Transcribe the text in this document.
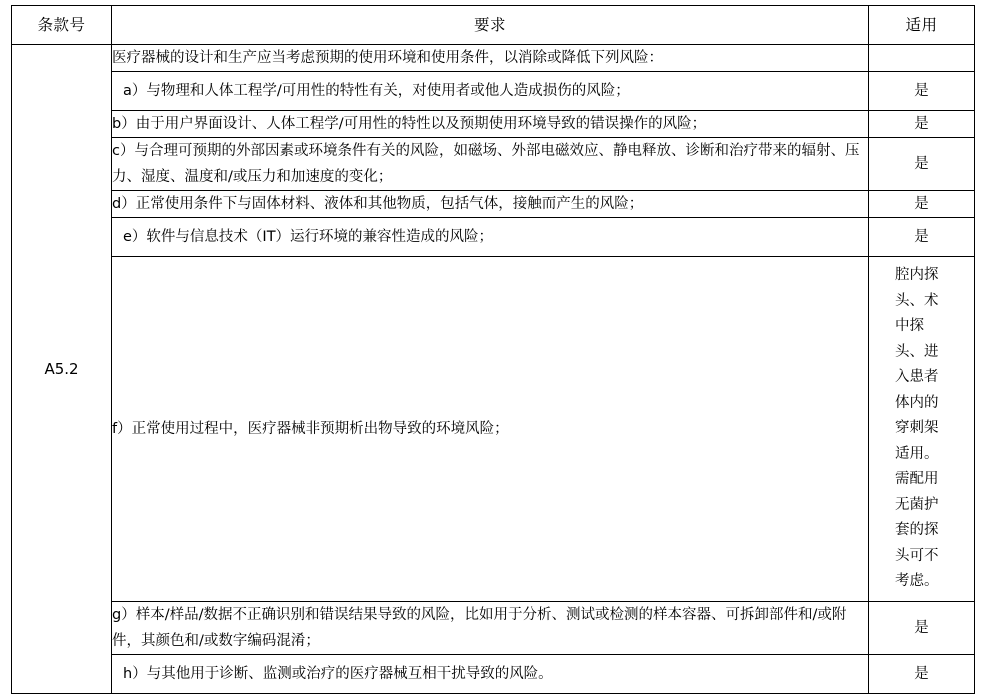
条款号	要求	适用

A5.2	医疗器械的设计和生产应当考虑预期的使用环境和使用条件，以消除或降低下列风险：	
	a）与物理和人体工程学/可用性的特性有关，对使用者或他人造成损伤的风险；	是
	b）由于用户界面设计、人体工程学/可用性的特性以及预期使用环境导致的错误操作的风险；	是
	c）与合理可预期的外部因素或环境条件有关的风险，如磁场、外部电磁效应、静电释放、诊断和治疗带来的辐射、压力、湿度、温度和/或压力和加速度的变化；	是
	d）正常使用条件下与固体材料、液体和其他物质，包括气体，接触而产生的风险；	是
	e）软件与信息技术（IT）运行环境的兼容性造成的风险；	是
	f）正常使用过程中，医疗器械非预期析出物导致的环境风险；	腔内探头、术中探头、进入患者体内的穿刺架适用。需配用无菌护套的探头可不考虑。
	g）样本/样品/数据不正确识别和错误结果导致的风险，比如用于分析、测试或检测的样本容器、可拆卸部件和/或附件，其颜色和/或数字编码混淆；	是
	h）与其他用于诊断、监测或治疗的医疗器械互相干扰导致的风险。	是
